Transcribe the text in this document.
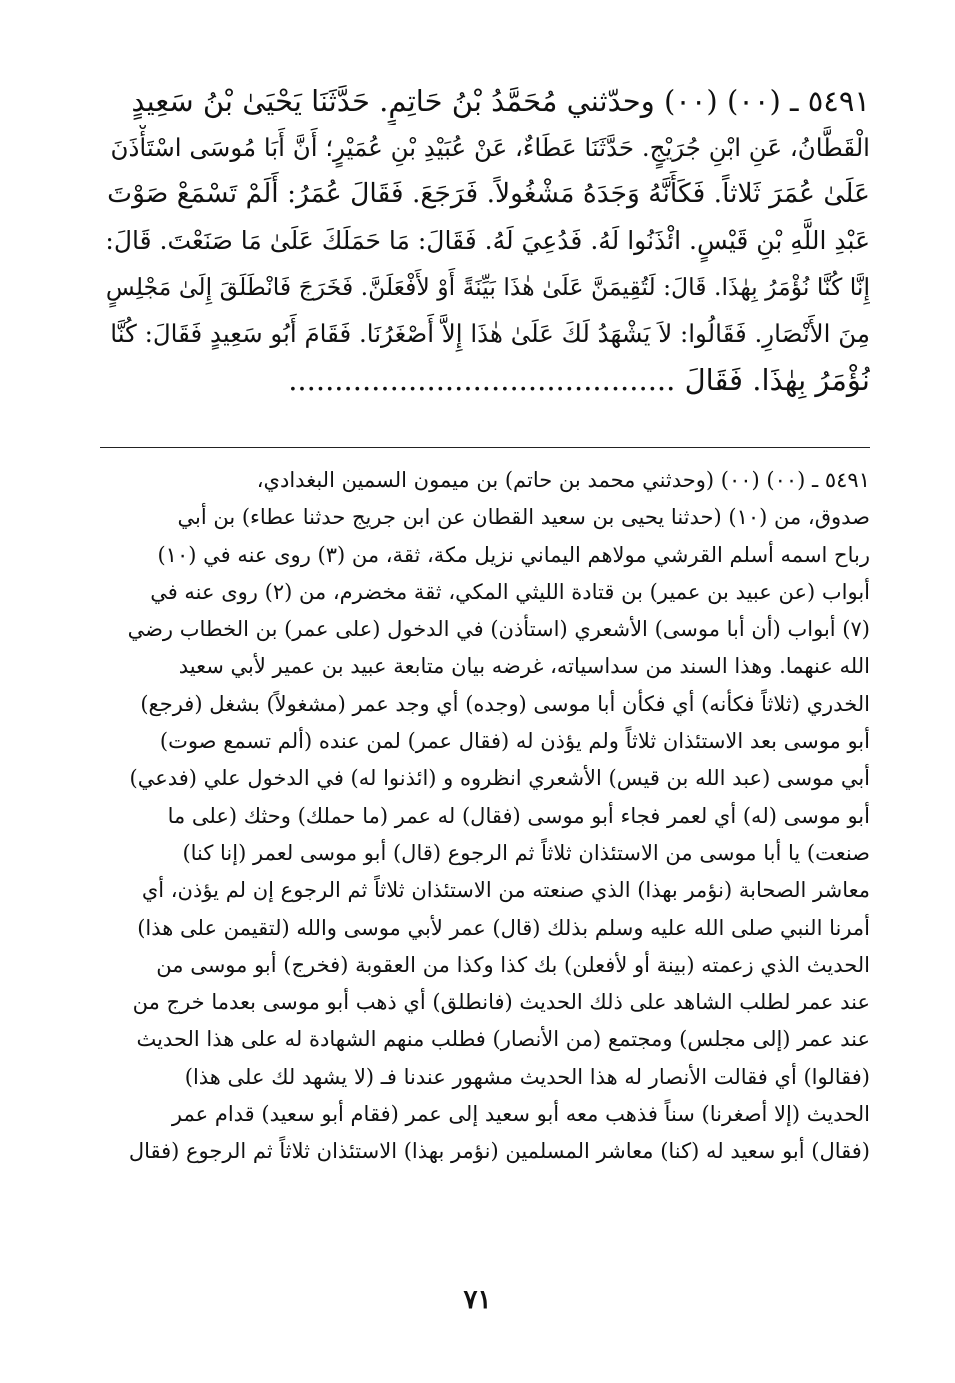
٥٤٩١ ـ (٠٠) (٠٠) وحدّثني مُحَمَّدُ بْنُ حَاتِمٍ. حَدَّثَنَا يَحْيَىٰ بْنُ سَعِيدٍ
الْقَطَّانُ، عَنِ ابْنِ جُرَيْجٍ. حَدَّثَنَا عَطَاءٌ، عَنْ عُبَيْدِ بْنِ عُمَيْرٍ؛ أَنَّ أَبَا مُوسَى اسْتَأْذَنَ
عَلَىٰ عُمَرَ ثَلاثاً. فَكَأَنَّهُ وَجَدَهُ مَشْغُولاً. فَرَجَعَ. فَقَالَ عُمَرُ: أَلَمْ تَسْمَعْ صَوْتَ
عَبْدِ اللَّهِ بْنِ قَيْسٍ. ائْذَنُوا لَهُ. فَدُعِيَ لَهُ. فَقَالَ: مَا حَمَلَكَ عَلَىٰ مَا صَنَعْتَ. قَالَ:
إِنَّا كُنَّا نُؤْمَرُ بِهٰذَا. قَالَ: لَتُقِيمَنَّ عَلَىٰ هٰذَا بَيِّنَةً أَوْ لأَفْعَلَنَّ. فَخَرَجَ فَانْطَلَقَ إِلَىٰ مَجْلِسٍ
مِنَ الأَنْصَارِ. فَقَالُوا: لاَ يَشْهَدُ لَكَ عَلَىٰ هٰذَا إِلاَّ أَصْغَرُنَا. فَقَامَ أَبُو سَعِيدٍ فَقَالَ: كُنَّا
نُؤْمَرُ بِهٰذَا. فَقَالَ ..........................................
٥٤٩١ ـ (٠٠) (٠٠) (وحدثني محمد بن حاتم) بن ميمون السمين البغدادي،
صدوق، من (١٠) (حدثنا يحيى بن سعيد القطان عن ابن جريج حدثنا عطاء) بن أبي
رباح اسمه أسلم القرشي مولاهم اليماني نزيل مكة، ثقة، من (٣) روى عنه في (١٠)
أبواب (عن عبيد بن عمير) بن قتادة الليثي المكي، ثقة مخضرم، من (٢) روى عنه في
(٧) أبواب (أن أبا موسى) الأشعري (استأذن) في الدخول (على عمر) بن الخطاب رضي
الله عنهما. وهذا السند من سداسياته، غرضه بيان متابعة عبيد بن عمير لأبي سعيد
الخدري (ثلاثاً فكأنه) أي فكأن أبا موسى (وجده) أي وجد عمر (مشغولاً) بشغل (فرجع)
أبو موسى بعد الاستئذان ثلاثاً ولم يؤذن له (فقال عمر) لمن عنده (ألم تسمع صوت)
أبي موسى (عبد الله بن قيس) الأشعري انظروه و (ائذنوا له) في الدخول علي (فدعي)
أبو موسى (له) أي لعمر فجاء أبو موسى (فقال) له عمر (ما حملك) وحثك (على ما
صنعت) يا أبا موسى من الاستئذان ثلاثاً ثم الرجوع (قال) أبو موسى لعمر (إنا كنا)
معاشر الصحابة (نؤمر بهذا) الذي صنعته من الاستئذان ثلاثاً ثم الرجوع إن لم يؤذن، أي
أمرنا النبي صلى الله عليه وسلم بذلك (قال) عمر لأبي موسى والله (لتقيمن على هذا)
الحديث الذي زعمته (بينة أو لأفعلن) بك كذا وكذا من العقوبة (فخرج) أبو موسى من
عند عمر لطلب الشاهد على ذلك الحديث (فانطلق) أي ذهب أبو موسى بعدما خرج من
عند عمر (إلى مجلس) ومجتمع (من الأنصار) فطلب منهم الشهادة له على هذا الحديث
(فقالوا) أي فقالت الأنصار له هذا الحديث مشهور عندنا فـ (لا يشهد لك على هذا)
الحديث (إلا أصغرنا) سناً فذهب معه أبو سعيد إلى عمر (فقام أبو سعيد) قدام عمر
(فقال) أبو سعيد له (كنا) معاشر المسلمين (نؤمر بهذا) الاستئذان ثلاثاً ثم الرجوع (فقال
٧١
